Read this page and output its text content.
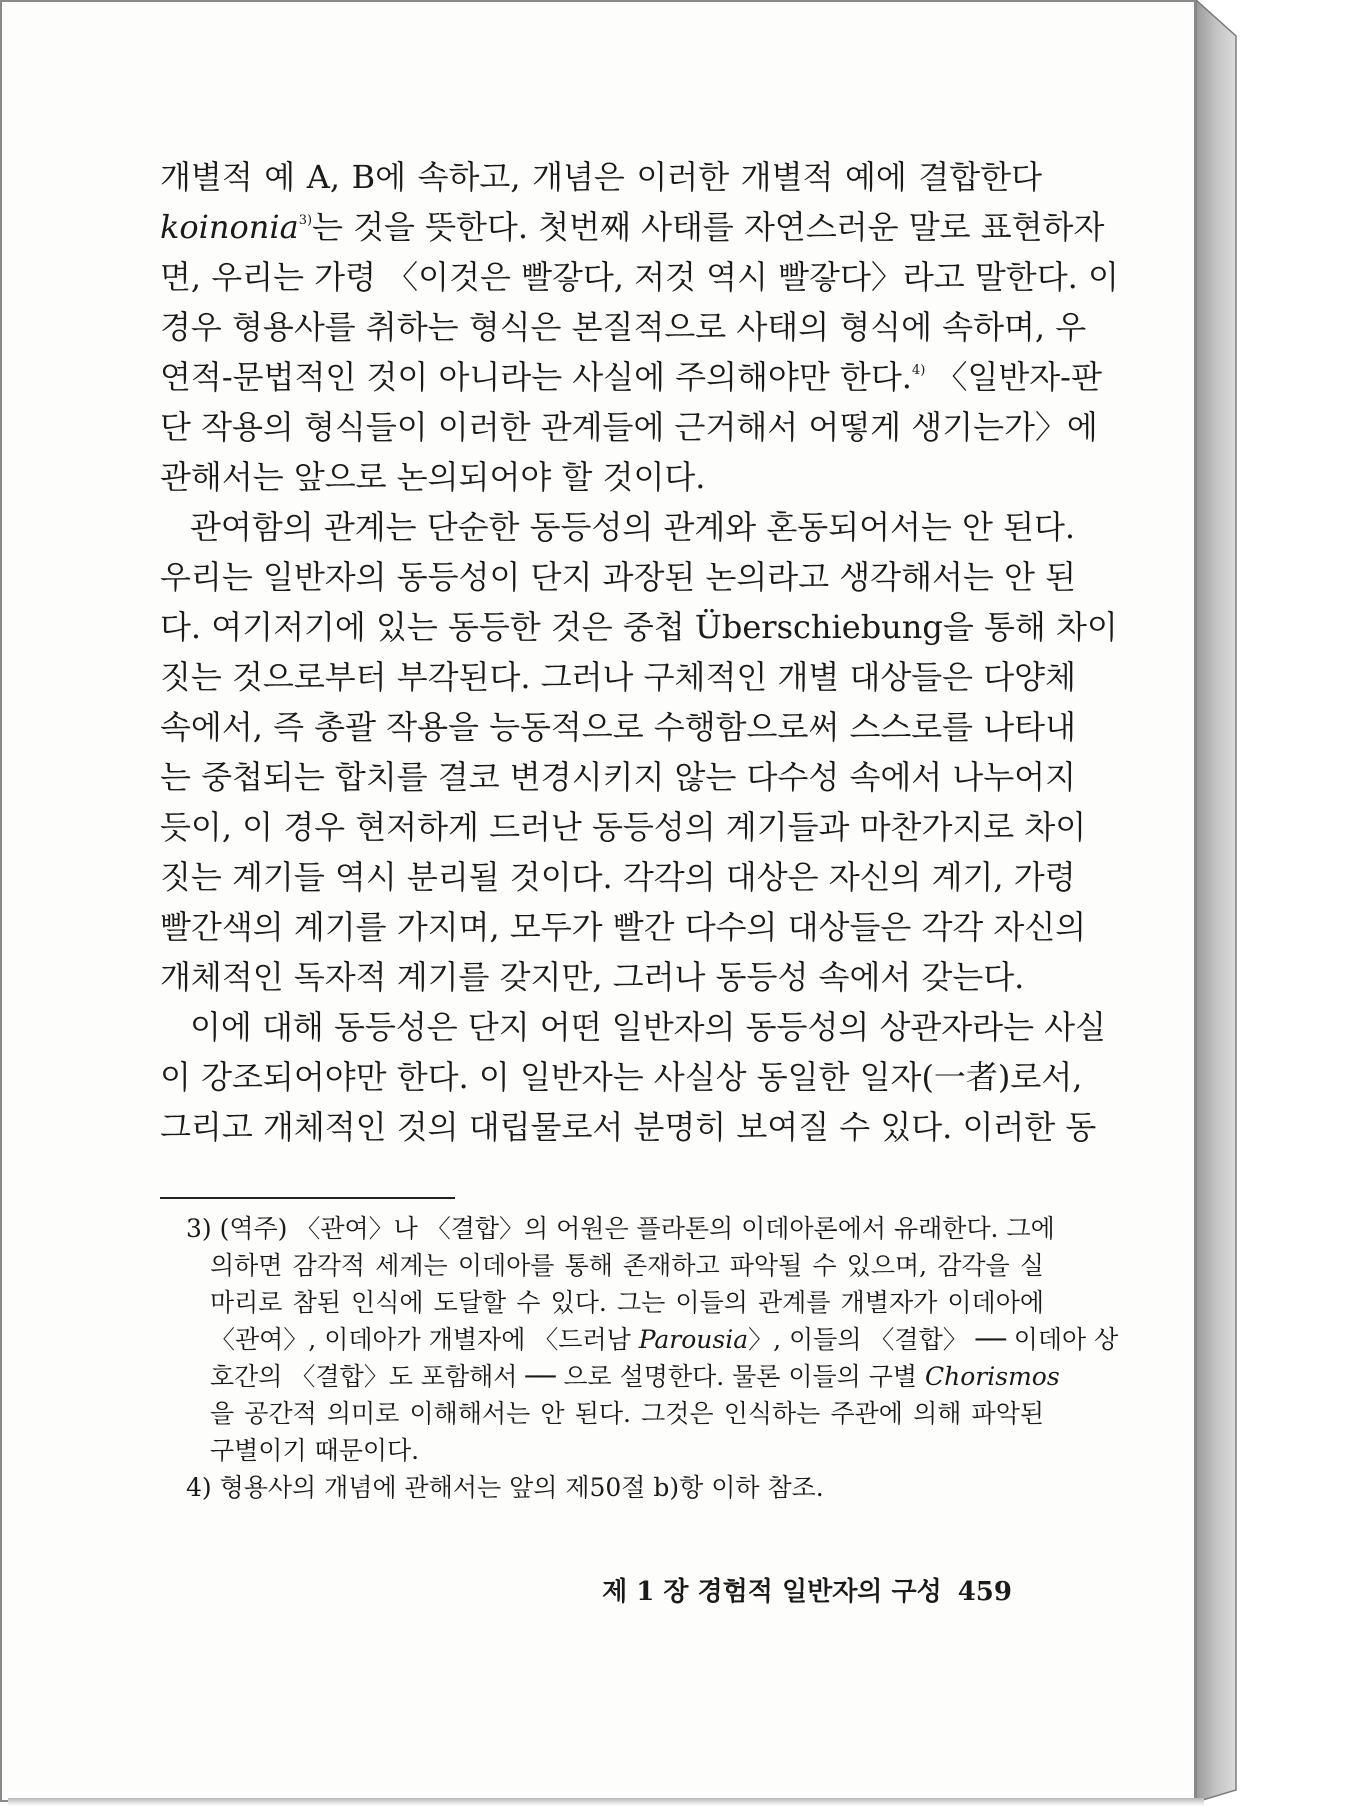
개별적 예 A, B에 속하고, 개념은 이러한 개별적 예에 결합한다
koinonia$^{3)}$는 것을 뜻한다. 첫번째 사태를 자연스러운 말로 표현하자
면, 우리는 가령 〈이것은 빨갛다, 저것 역시 빨갛다〉라고 말한다. 이
경우 형용사를 취하는 형식은 본질적으로 사태의 형식에 속하며, 우
연적-문법적인 것이 아니라는 사실에 주의해야만 한다.$^{4)}$ 〈일반자-판
단 작용의 형식들이 이러한 관계들에 근거해서 어떻게 생기는가〉에
관해서는 앞으로 논의되어야 할 것이다.
관여함의 관계는 단순한 동등성의 관계와 혼동되어서는 안 된다.
우리는 일반자의 동등성이 단지 과장된 논의라고 생각해서는 안 된
다. 여기저기에 있는 동등한 것은 중첩 Überschiebung을 통해 차이
짓는 것으로부터 부각된다. 그러나 구체적인 개별 대상들은 다양체
속에서, 즉 총괄 작용을 능동적으로 수행함으로써 스스로를 나타내
는 중첩되는 합치를 결코 변경시키지 않는 다수성 속에서 나누어지
듯이, 이 경우 현저하게 드러난 동등성의 계기들과 마찬가지로 차이
짓는 계기들 역시 분리될 것이다. 각각의 대상은 자신의 계기, 가령
빨간색의 계기를 가지며, 모두가 빨간 다수의 대상들은 각각 자신의
개체적인 독자적 계기를 갖지만, 그러나 동등성 속에서 갖는다.
이에 대해 동등성은 단지 어떤 일반자의 동등성의 상관자라는 사실
이 강조되어야만 한다. 이 일반자는 사실상 동일한 일자(一者)로서,
그리고 개체적인 것의 대립물로서 분명히 보여질 수 있다. 이러한 동
3) (역주) 〈관여〉나 〈결합〉의 어원은 플라톤의 이데아론에서 유래한다. 그에
의하면 감각적 세계는 이데아를 통해 존재하고 파악될 수 있으며, 감각을 실
마리로 참된 인식에 도달할 수 있다. 그는 이들의 관계를 개별자가 이데아에
〈관여〉, 이데아가 개별자에 〈드러남 Parousia〉, 이들의 〈결합〉 ── 이데아 상
호간의 〈결합〉도 포함해서 ── 으로 설명한다. 물론 이들의 구별 Chorismos
을 공간적 의미로 이해해서는 안 된다. 그것은 인식하는 주관에 의해 파악된
구별이기 때문이다.
4) 형용사의 개념에 관해서는 앞의 제50절 b)항 이하 참조.
제 1 장 경험적 일반자의 구성 459
